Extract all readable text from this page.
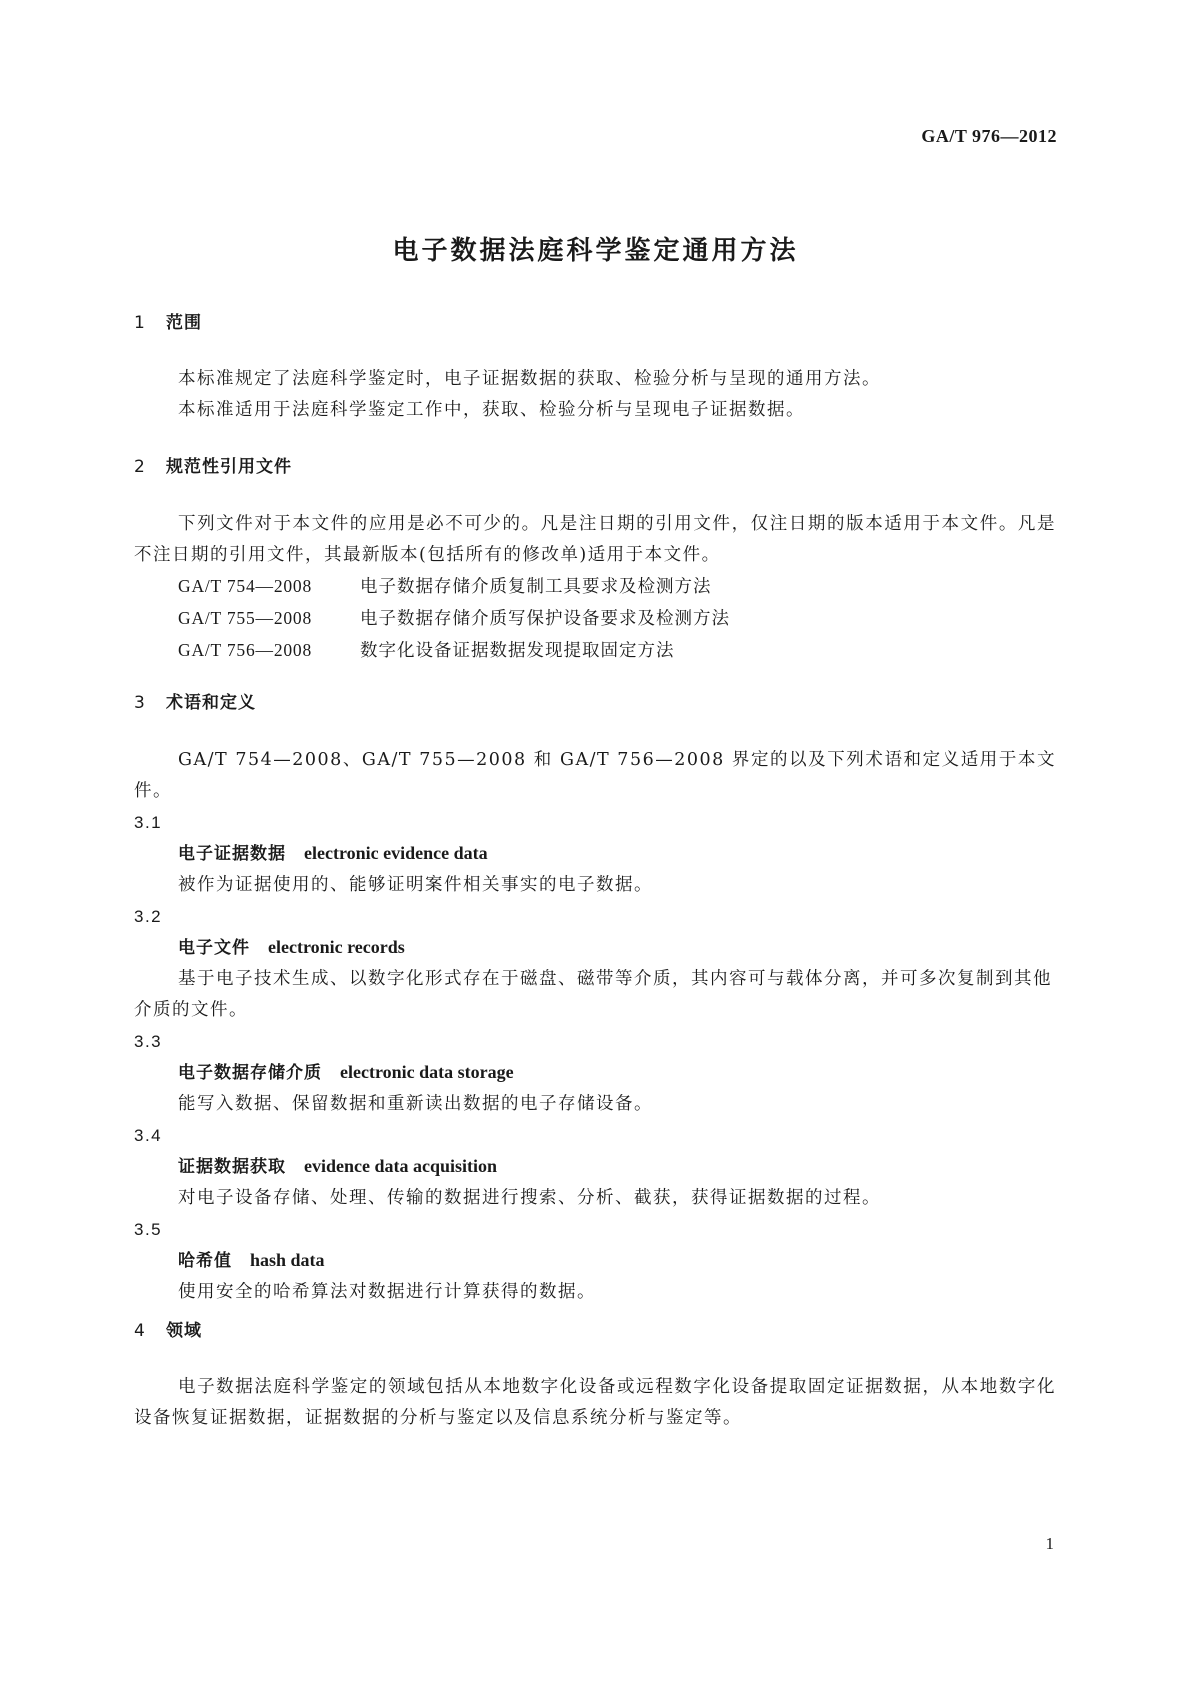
GA/T 976—2012
电子数据法庭科学鉴定通用方法
1 范围
本标准规定了法庭科学鉴定时，电子证据数据的获取、检验分析与呈现的通用方法。
本标准适用于法庭科学鉴定工作中，获取、检验分析与呈现电子证据数据。
2 规范性引用文件
下列文件对于本文件的应用是必不可少的。凡是注日期的引用文件，仅注日期的版本适用于本文件。凡是不注日期的引用文件，其最新版本(包括所有的修改单)适用于本文件。
GA/T 754—2008	电子数据存储介质复制工具要求及检测方法
GA/T 755—2008	电子数据存储介质写保护设备要求及检测方法
GA/T 756—2008	数字化设备证据数据发现提取固定方法
3 术语和定义
GA/T 754—2008、GA/T 755—2008 和 GA/T 756—2008 界定的以及下列术语和定义适用于本文件。
3.1
电子证据数据 electronic evidence data
被作为证据使用的、能够证明案件相关事实的电子数据。
3.2
电子文件 electronic records
基于电子技术生成、以数字化形式存在于磁盘、磁带等介质，其内容可与载体分离，并可多次复制到其他介质的文件。
3.3
电子数据存储介质 electronic data storage
能写入数据、保留数据和重新读出数据的电子存储设备。
3.4
证据数据获取 evidence data acquisition
对电子设备存储、处理、传输的数据进行搜索、分析、截获，获得证据数据的过程。
3.5
哈希值 hash data
使用安全的哈希算法对数据进行计算获得的数据。
4 领域
电子数据法庭科学鉴定的领域包括从本地数字化设备或远程数字化设备提取固定证据数据，从本地数字化设备恢复证据数据，证据数据的分析与鉴定以及信息系统分析与鉴定等。
1
